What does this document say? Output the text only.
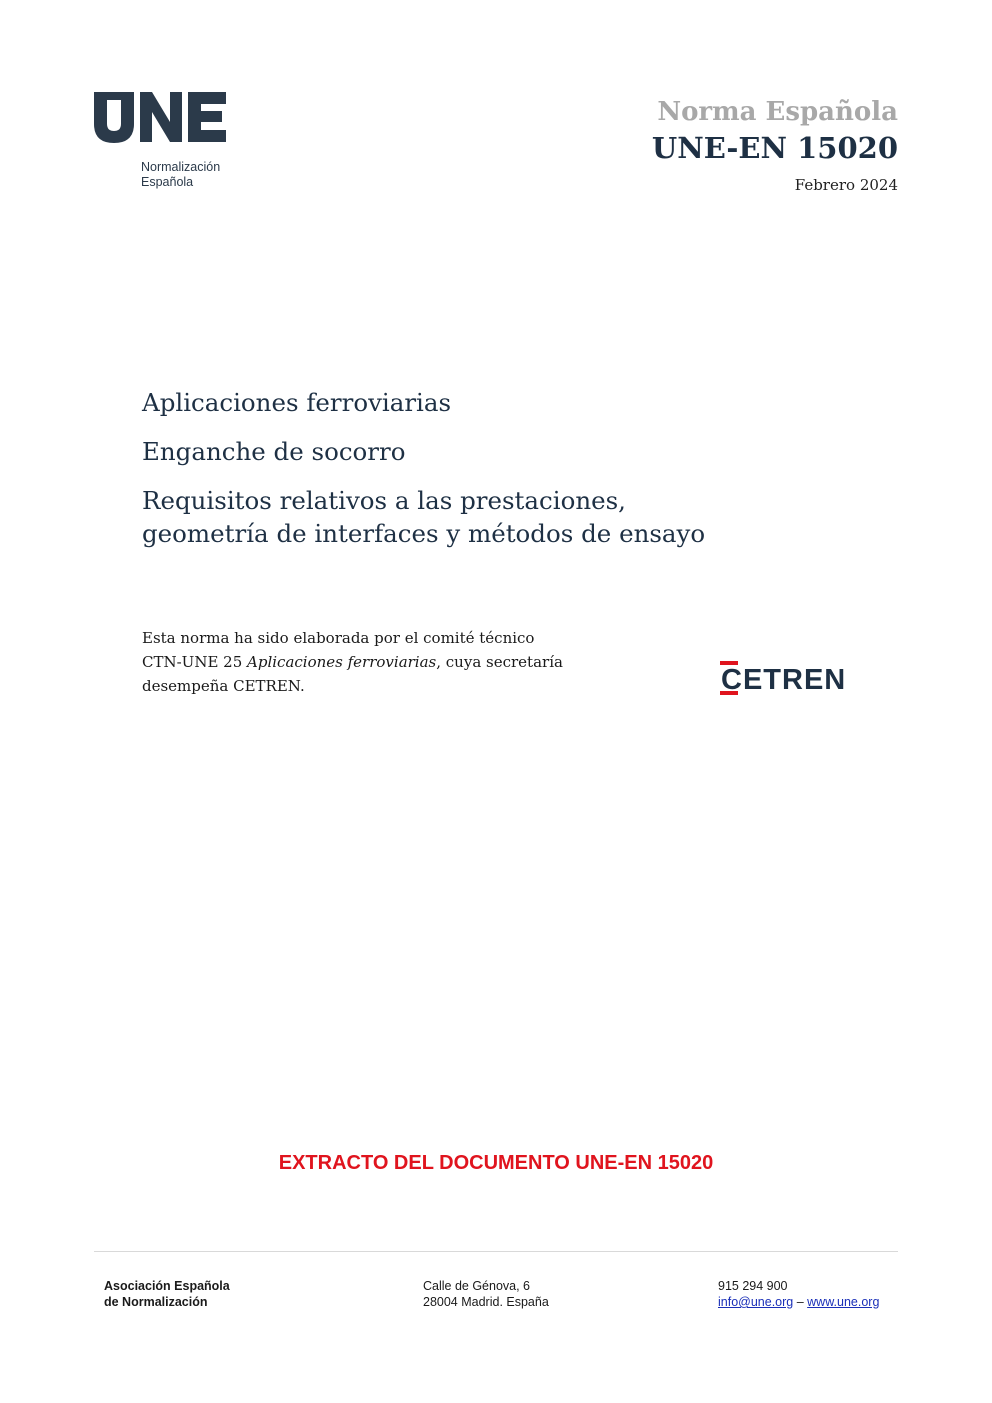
Normalización
Española
Norma Española
UNE-EN 15020
Febrero 2024
Aplicaciones ferroviarias
Enganche de socorro
Requisitos relativos a las prestaciones,
geometría de interfaces y métodos de ensayo
Esta norma ha sido elaborada por el comité técnico
CTN-UNE 25 Aplicaciones ferroviarias, cuya secretaría
desempeña CETREN.	CETREN
EXTRACTO DEL DOCUMENTO UNE-EN 15020
Asociación Española
de Normalización
Calle de Génova, 6
28004 Madrid. España
915 294 900
info@une.org – www.une.org
